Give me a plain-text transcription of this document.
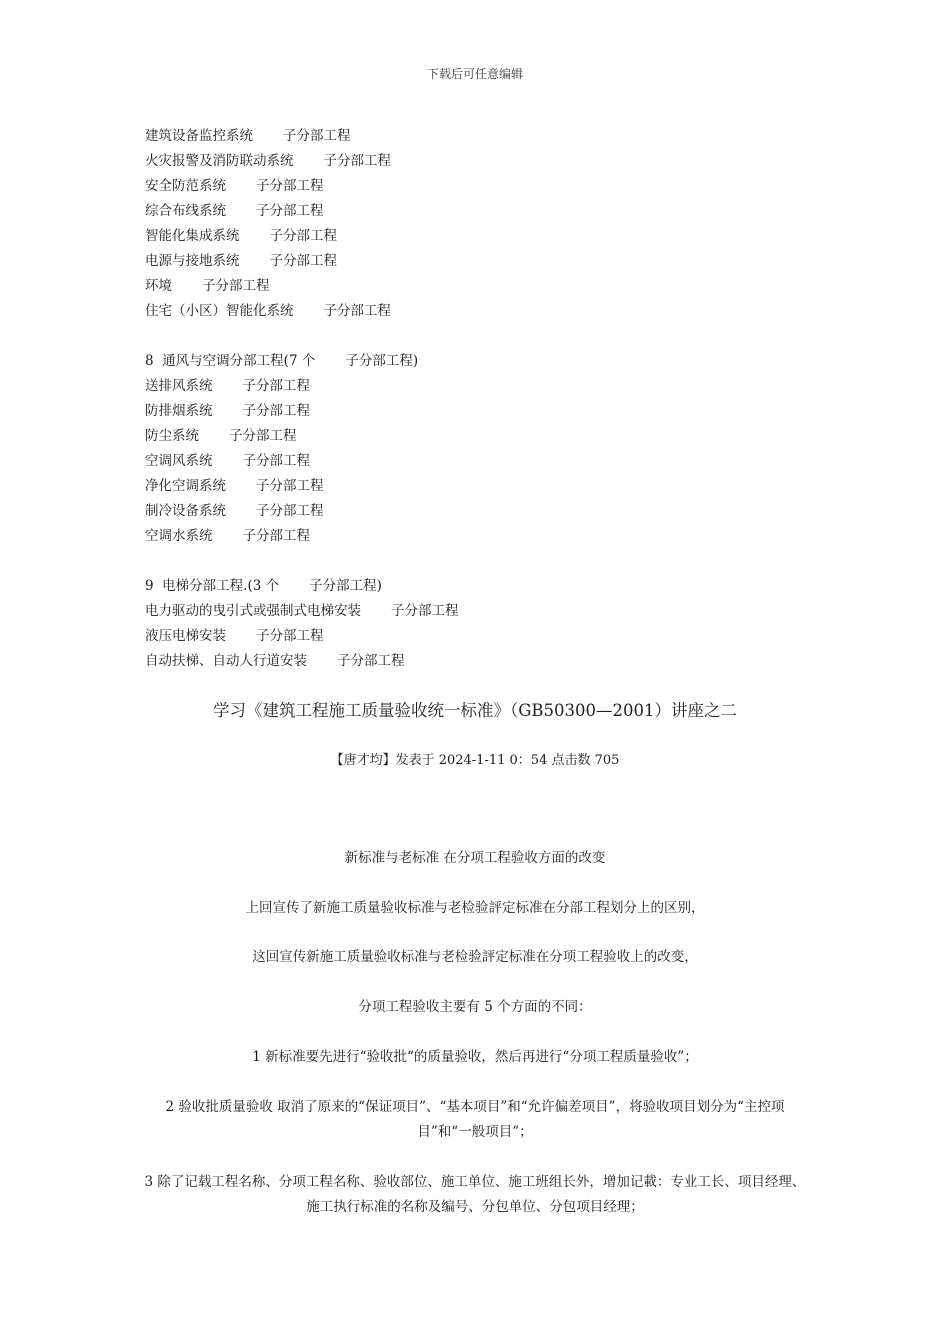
下载后可任意编辑
建筑设备监控系统 子分部工程
火灾报警及消防联动系统 子分部工程
安全防范系统 子分部工程
综合布线系统 子分部工程
智能化集成系统 子分部工程
电源与接地系统 子分部工程
环境 子分部工程
住宅（小区）智能化系统 子分部工程
8  通风与空调分部工程(7 个 子分部工程)
送排风系统 子分部工程
防排烟系统 子分部工程
防尘系统 子分部工程
空调风系统 子分部工程
净化空调系统 子分部工程
制冷设备系统 子分部工程
空调水系统 子分部工程
9  电梯分部工程.(3 个 子分部工程)
电力驱动的曳引式或强制式电梯安装 子分部工程
液压电梯安装 子分部工程
自动扶梯、自动人行道安装 子分部工程
学习《建筑工程施工质量验收统一标准》（GB50300—2001）讲座之二
【唐才均】发表于 2024-1-11 0：54 点击数 705
新标准与老标准 在分项工程验收方面的改变
上回宣传了新施工质量验收标准与老检验評定标准在分部工程划分上的区别，
这回宣传新施工质量验收标准与老检验評定标准在分项工程验收上的改变，
分项工程验收主要有 5 个方面的不同：
1 新标准要先进行“验收批“的质量验收，然后再进行“分项工程质量验收”；
2 验收批质量验收 取消了原来的“保证项目”、“基本项目”和“允许偏差项目”，将验收项目划分为“主控项目”和“一般项目”；
3 除了记载工程名称、分项工程名称、验收部位、施工单位、施工班组长外，增加记載：专业工长、项目经理、施工执行标准的名称及编号、分包单位、分包项目经理；
